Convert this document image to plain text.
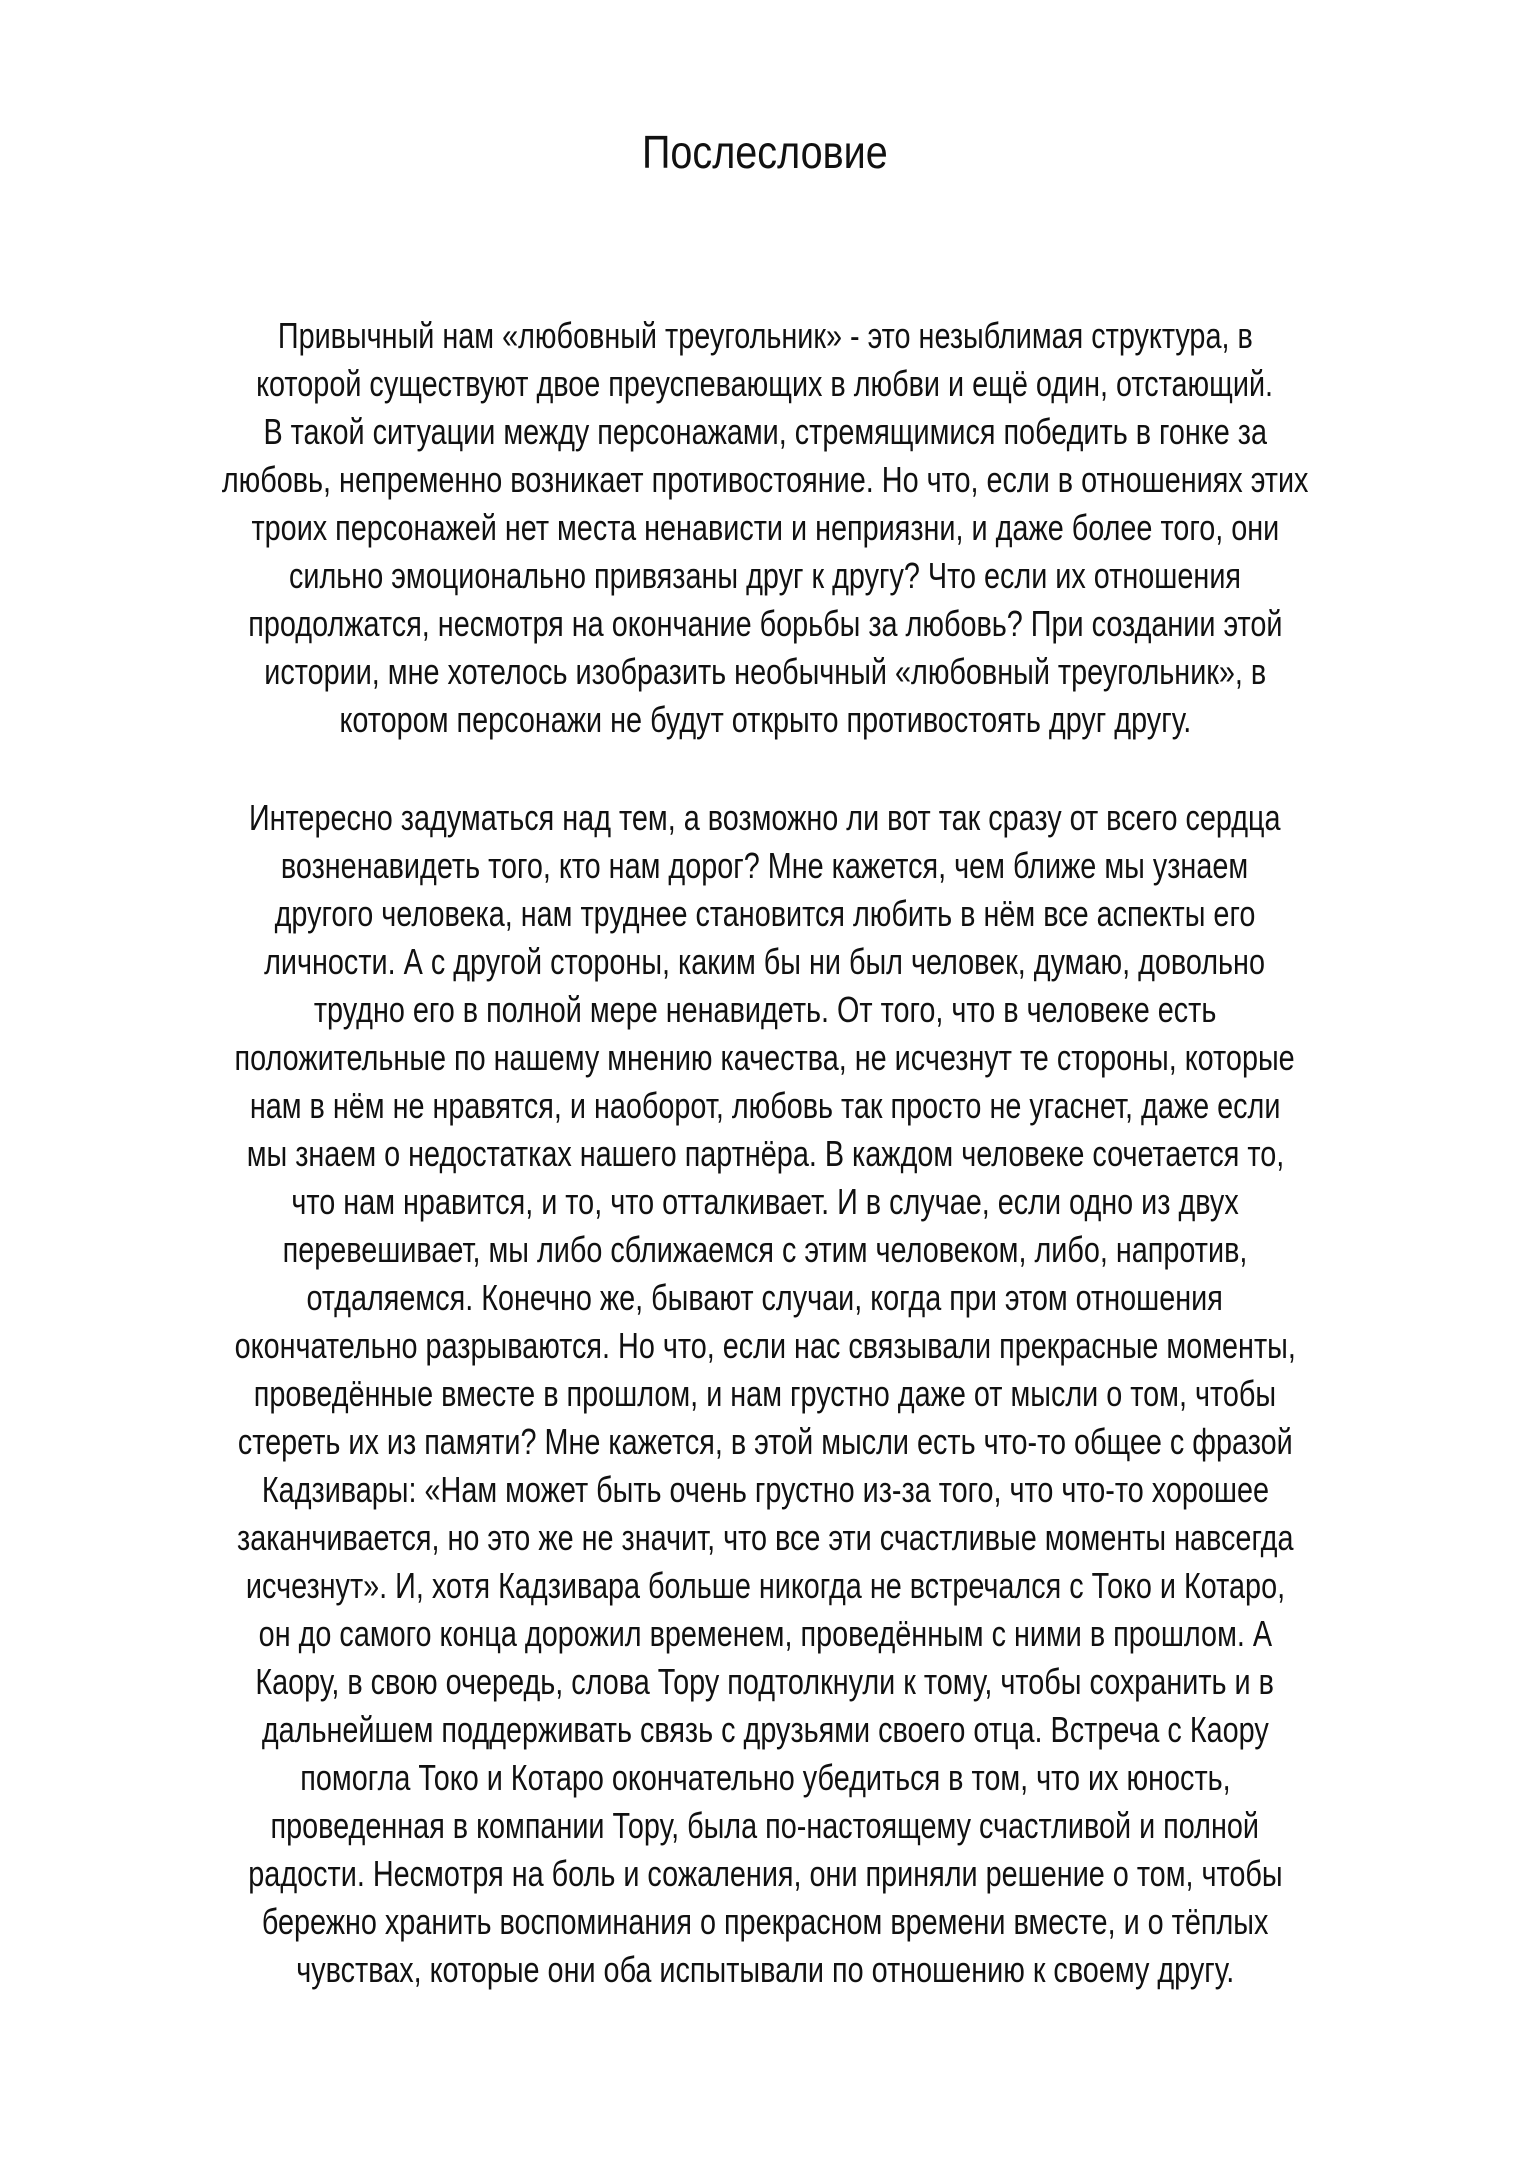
Послесловие
Привычный нам «любовный треугольник» - это незыблимая структура, в
которой существуют двое преуспевающих в любви и ещё один, отстающий.
В такой ситуации между персонажами, стремящимися победить в гонке за
любовь, непременно возникает противостояние. Но что, если в отношениях этих
троих персонажей нет места ненависти и неприязни, и даже более того, они
сильно эмоционально привязаны друг к другу? Что если их отношения
продолжатся, несмотря на окончание борьбы за любовь? При создании этой
истории, мне хотелось изобразить необычный «любовный треугольник», в
котором персонажи не будут открыто противостоять друг другу.
Интересно задуматься над тем, а возможно ли вот так сразу от всего сердца
возненавидеть того, кто нам дорог? Мне кажется, чем ближе мы узнаем
другого человека, нам труднее становится любить в нём все аспекты его
личности. А с другой стороны, каким бы ни был человек, думаю, довольно
трудно его в полной мере ненавидеть. От того, что в человеке есть
положительные по нашему мнению качества, не исчезнут те стороны, которые
нам в нём не нравятся, и наоборот, любовь так просто не угаснет, даже если
мы знаем о недостатках нашего партнёра. В каждом человеке сочетается то,
что нам нравится, и то, что отталкивает. И в случае, если одно из двух
перевешивает, мы либо сближаемся с этим человеком, либо, напротив,
отдаляемся. Конечно же, бывают случаи, когда при этом отношения
окончательно разрываются. Но что, если нас связывали прекрасные моменты,
проведённые вместе в прошлом, и нам грустно даже от мысли о том, чтобы
стереть их из памяти? Мне кажется, в этой мысли есть что-то общее с фразой
Кадзивары: «Нам может быть очень грустно из-за того, что что-то хорошее
заканчивается, но это же не значит, что все эти счастливые моменты навсегда
исчезнут». И, хотя Кадзивара больше никогда не встречался с Токо и Котаро,
он до самого конца дорожил временем, проведённым с ними в прошлом. А
Каору, в свою очередь, слова Тору подтолкнули к тому, чтобы сохранить и в
дальнейшем поддерживать связь с друзьями своего отца. Встреча с Каору
помогла Токо и Котаро окончательно убедиться в том, что их юность,
проведенная в компании Тору, была по-настоящему счастливой и полной
радости. Несмотря на боль и сожаления, они приняли решение о том, чтобы
бережно хранить воспоминания о прекрасном времени вместе, и о тёплых
чувствах, которые они оба испытывали по отношению к своему другу.
